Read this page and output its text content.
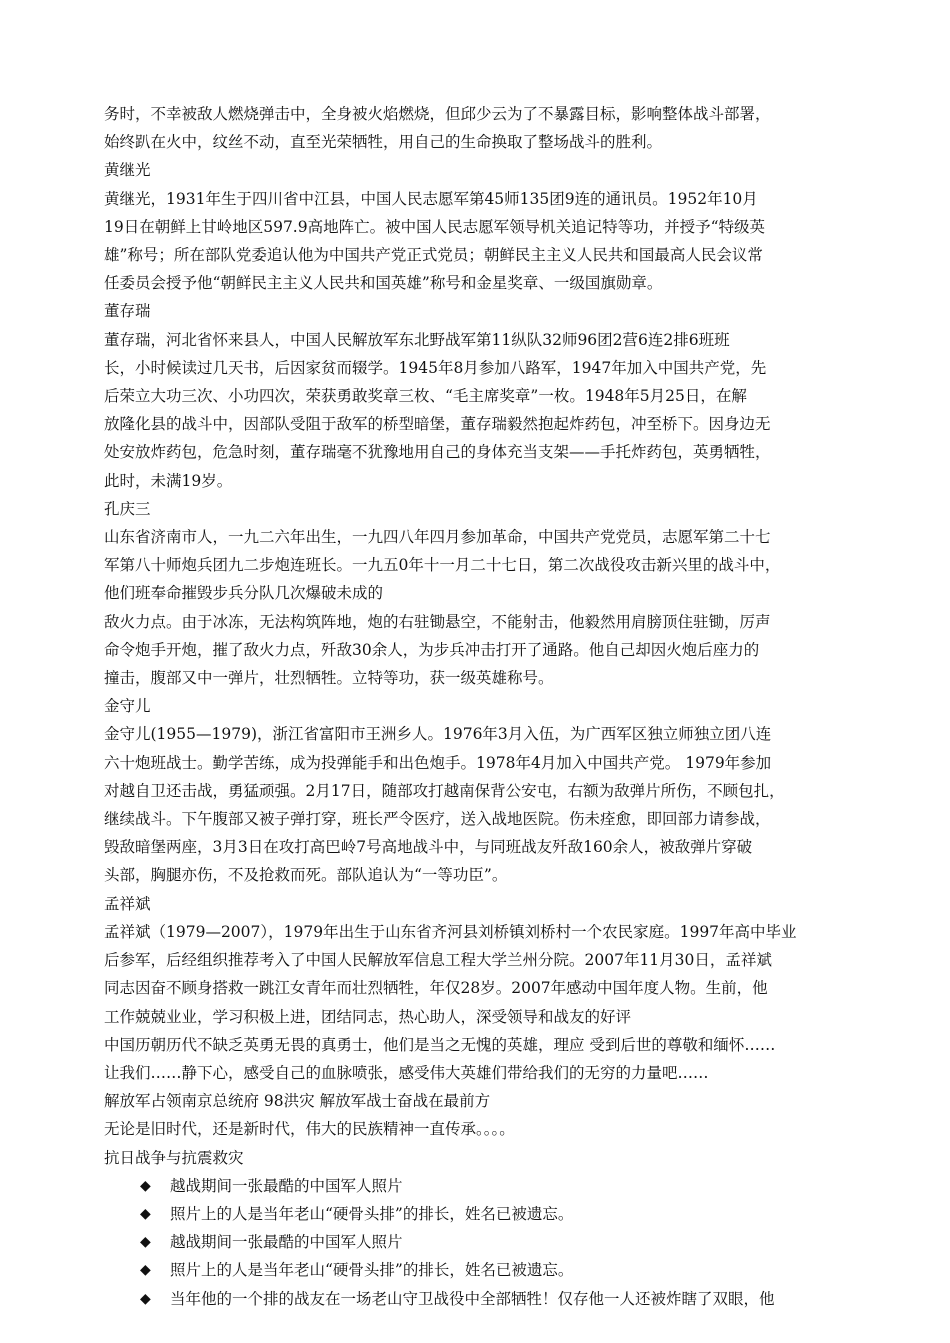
务时，不幸被敌人燃烧弹击中，全身被火焰燃烧，但邱少云为了不暴露目标，影响整体战斗部署，
始终趴在火中，纹丝不动，直至光荣牺牲，用自己的生命换取了整场战斗的胜利。
黄继光
黄继光，1931年生于四川省中江县，中国人民志愿军第45师135团9连的通讯员。1952年10月
19日在朝鲜上甘岭地区597.9高地阵亡。被中国人民志愿军领导机关追记特等功，并授予“特级英
雄”称号；所在部队党委追认他为中国共产党正式党员；朝鲜民主主义人民共和国最高人民会议常
任委员会授予他“朝鲜民主主义人民共和国英雄”称号和金星奖章、一级国旗勋章。
董存瑞
董存瑞，河北省怀来县人，中国人民解放军东北野战军第11纵队32师96团2营6连2排6班班
长，小时候读过几天书，后因家贫而辍学。1945年8月参加八路军，1947年加入中国共产党，先
后荣立大功三次、小功四次，荣获勇敢奖章三枚、“毛主席奖章”一枚。1948年5月25日，在解
放隆化县的战斗中，因部队受阻于敌军的桥型暗堡，董存瑞毅然抱起炸药包，冲至桥下。因身边无
处安放炸药包，危急时刻，董存瑞毫不犹豫地用自己的身体充当支架——手托炸药包，英勇牺牲，
此时，未满19岁。
孔庆三
山东省济南市人，一九二六年出生，一九四八年四月参加革命，中国共产党党员，志愿军第二十七
军第八十师炮兵团九二步炮连班长。一九五0年十一月二十七日，第二次战役攻击新兴里的战斗中，
他们班奉命摧毁步兵分队几次爆破未成的
敌火力点。由于冰冻，无法构筑阵地，炮的右驻锄悬空，不能射击，他毅然用肩膀顶住驻锄，厉声
命令炮手开炮，摧了敌火力点，歼敌30余人，为步兵冲击打开了通路。他自己却因火炮后座力的
撞击，腹部又中一弹片，壮烈牺牲。立特等功，获一级英雄称号。
金守儿
金守儿(1955—1979)，浙江省富阳市王洲乡人。1976年3月入伍，为广西军区独立师独立团八连
六十炮班战士。勤学苦练，成为投弹能手和出色炮手。1978年4月加入中国共产党。 1979年参加
对越自卫还击战，勇猛顽强。2月17日，随部攻打越南保背公安屯，右额为敌弹片所伤，不顾包扎，
继续战斗。下午腹部又被子弹打穿，班长严令医疗，送入战地医院。伤未痊愈，即回部力请参战，
毁敌暗堡两座，3月3日在攻打高巴岭7号高地战斗中，与同班战友歼敌160余人，被敌弹片穿破
头部，胸腿亦伤，不及抢救而死。部队追认为“一等功臣”。
孟祥斌
孟祥斌（1979—2007），1979年出生于山东省齐河县刘桥镇刘桥村一个农民家庭。1997年高中毕业
后参军，后经组织推荐考入了中国人民解放军信息工程大学兰州分院。2007年11月30日，孟祥斌
同志因奋不顾身搭救一跳江女青年而壮烈牺牲，年仅28岁。2007年感动中国年度人物。生前，他
工作兢兢业业，学习积极上进，团结同志，热心助人，深受领导和战友的好评
中国历朝历代不缺乏英勇无畏的真勇士，他们是当之无愧的英雄，理应 受到后世的尊敬和缅怀……
让我们……静下心，感受自己的血脉喷张，感受伟大英雄们带给我们的无穷的力量吧……
解放军占领南京总统府 98洪灾 解放军战士奋战在最前方
无论是旧时代，还是新时代，伟大的民族精神一直传承。。。。
抗日战争与抗震救灾
◆	越战期间一张最酷的中国军人照片
◆	照片上的人是当年老山“硬骨头排”的排长，姓名已被遗忘。
◆	越战期间一张最酷的中国军人照片
◆	照片上的人是当年老山“硬骨头排”的排长，姓名已被遗忘。
◆	当年他的一个排的战友在一场老山守卫战役中全部牺牲！仅存他一人还被炸瞎了双眼，他
